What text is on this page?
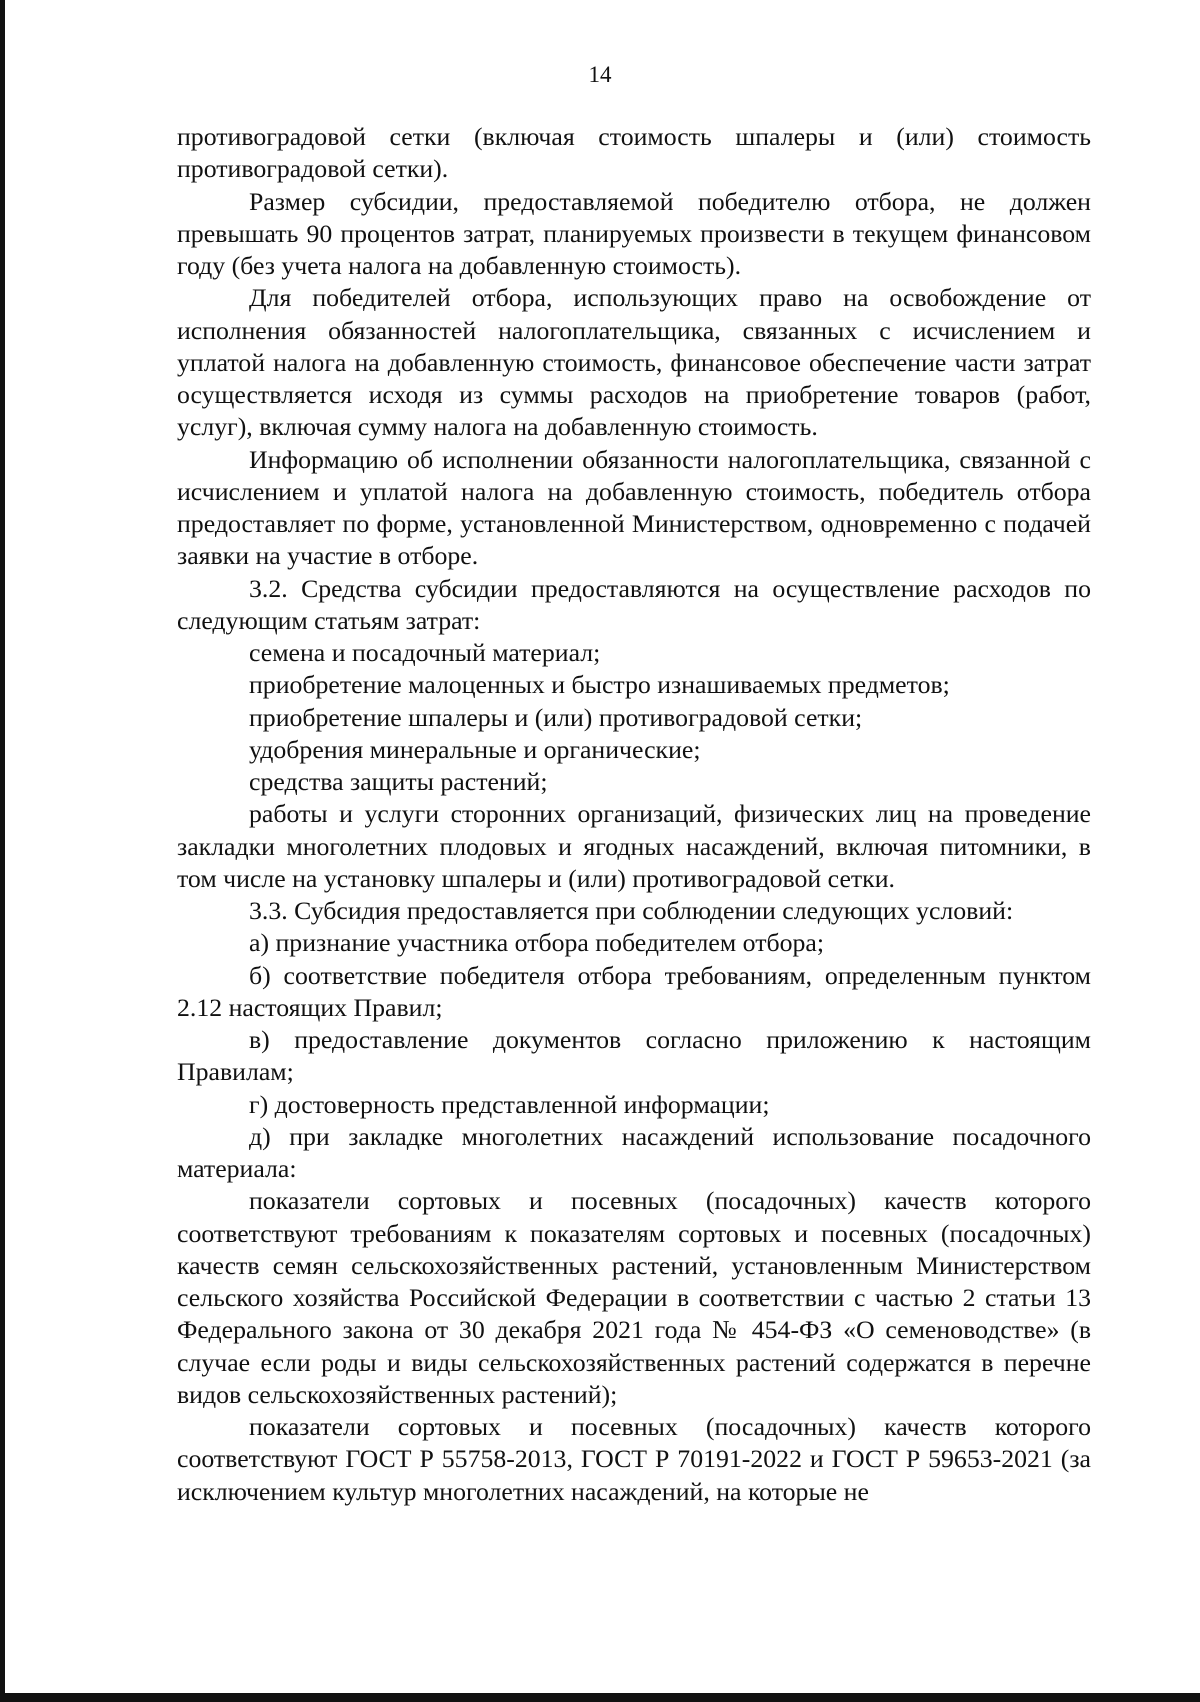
14

противоградовой сетки (включая стоимость шпалеры и (или) стоимость противоградовой сетки).

Размер субсидии, предоставляемой победителю отбора, не должен превышать 90 процентов затрат, планируемых произвести в текущем финансовом году (без учета налога на добавленную стоимость).

Для победителей отбора, использующих право на освобождение от исполнения обязанностей налогоплательщика, связанных с исчислением и уплатой налога на добавленную стоимость, финансовое обеспечение части затрат осуществляется исходя из суммы расходов на приобретение товаров (работ, услуг), включая сумму налога на добавленную стоимость.

Информацию об исполнении обязанности налогоплательщика, связанной с исчислением и уплатой налога на добавленную стоимость, победитель отбора предоставляет по форме, установленной Министерством, одновременно с подачей заявки на участие в отборе.

3.2. Средства субсидии предоставляются на осуществление расходов по следующим статьям затрат:

семена и посадочный материал;

приобретение малоценных и быстро изнашиваемых предметов;

приобретение шпалеры и (или) противоградовой сетки;

удобрения минеральные и органические;

средства защиты растений;

работы и услуги сторонних организаций, физических лиц на проведение закладки многолетних плодовых и ягодных насаждений, включая питомники, в том числе на установку шпалеры и (или) противоградовой сетки.

3.3. Субсидия предоставляется при соблюдении следующих условий:

а) признание участника отбора победителем отбора;

б) соответствие победителя отбора требованиям, определенным пунктом 2.12 настоящих Правил;

в) предоставление документов согласно приложению к настоящим Правилам;

г) достоверность представленной информации;

д) при закладке многолетних насаждений использование посадочного материала:

показатели сортовых и посевных (посадочных) качеств которого соответствуют требованиям к показателям сортовых и посевных (посадочных) качеств семян сельскохозяйственных растений, установленным Министерством сельского хозяйства Российской Федерации в соответствии с частью 2 статьи 13 Федерального закона от 30 декабря 2021 года № 454-ФЗ «О семеноводстве» (в случае если роды и виды сельскохозяйственных растений содержатся в перечне видов сельскохозяйственных растений);

показатели сортовых и посевных (посадочных) качеств которого соответствуют ГОСТ Р 55758-2013, ГОСТ Р 70191-2022 и ГОСТ Р 59653-2021 (за исключением культур многолетних насаждений, на которые не
